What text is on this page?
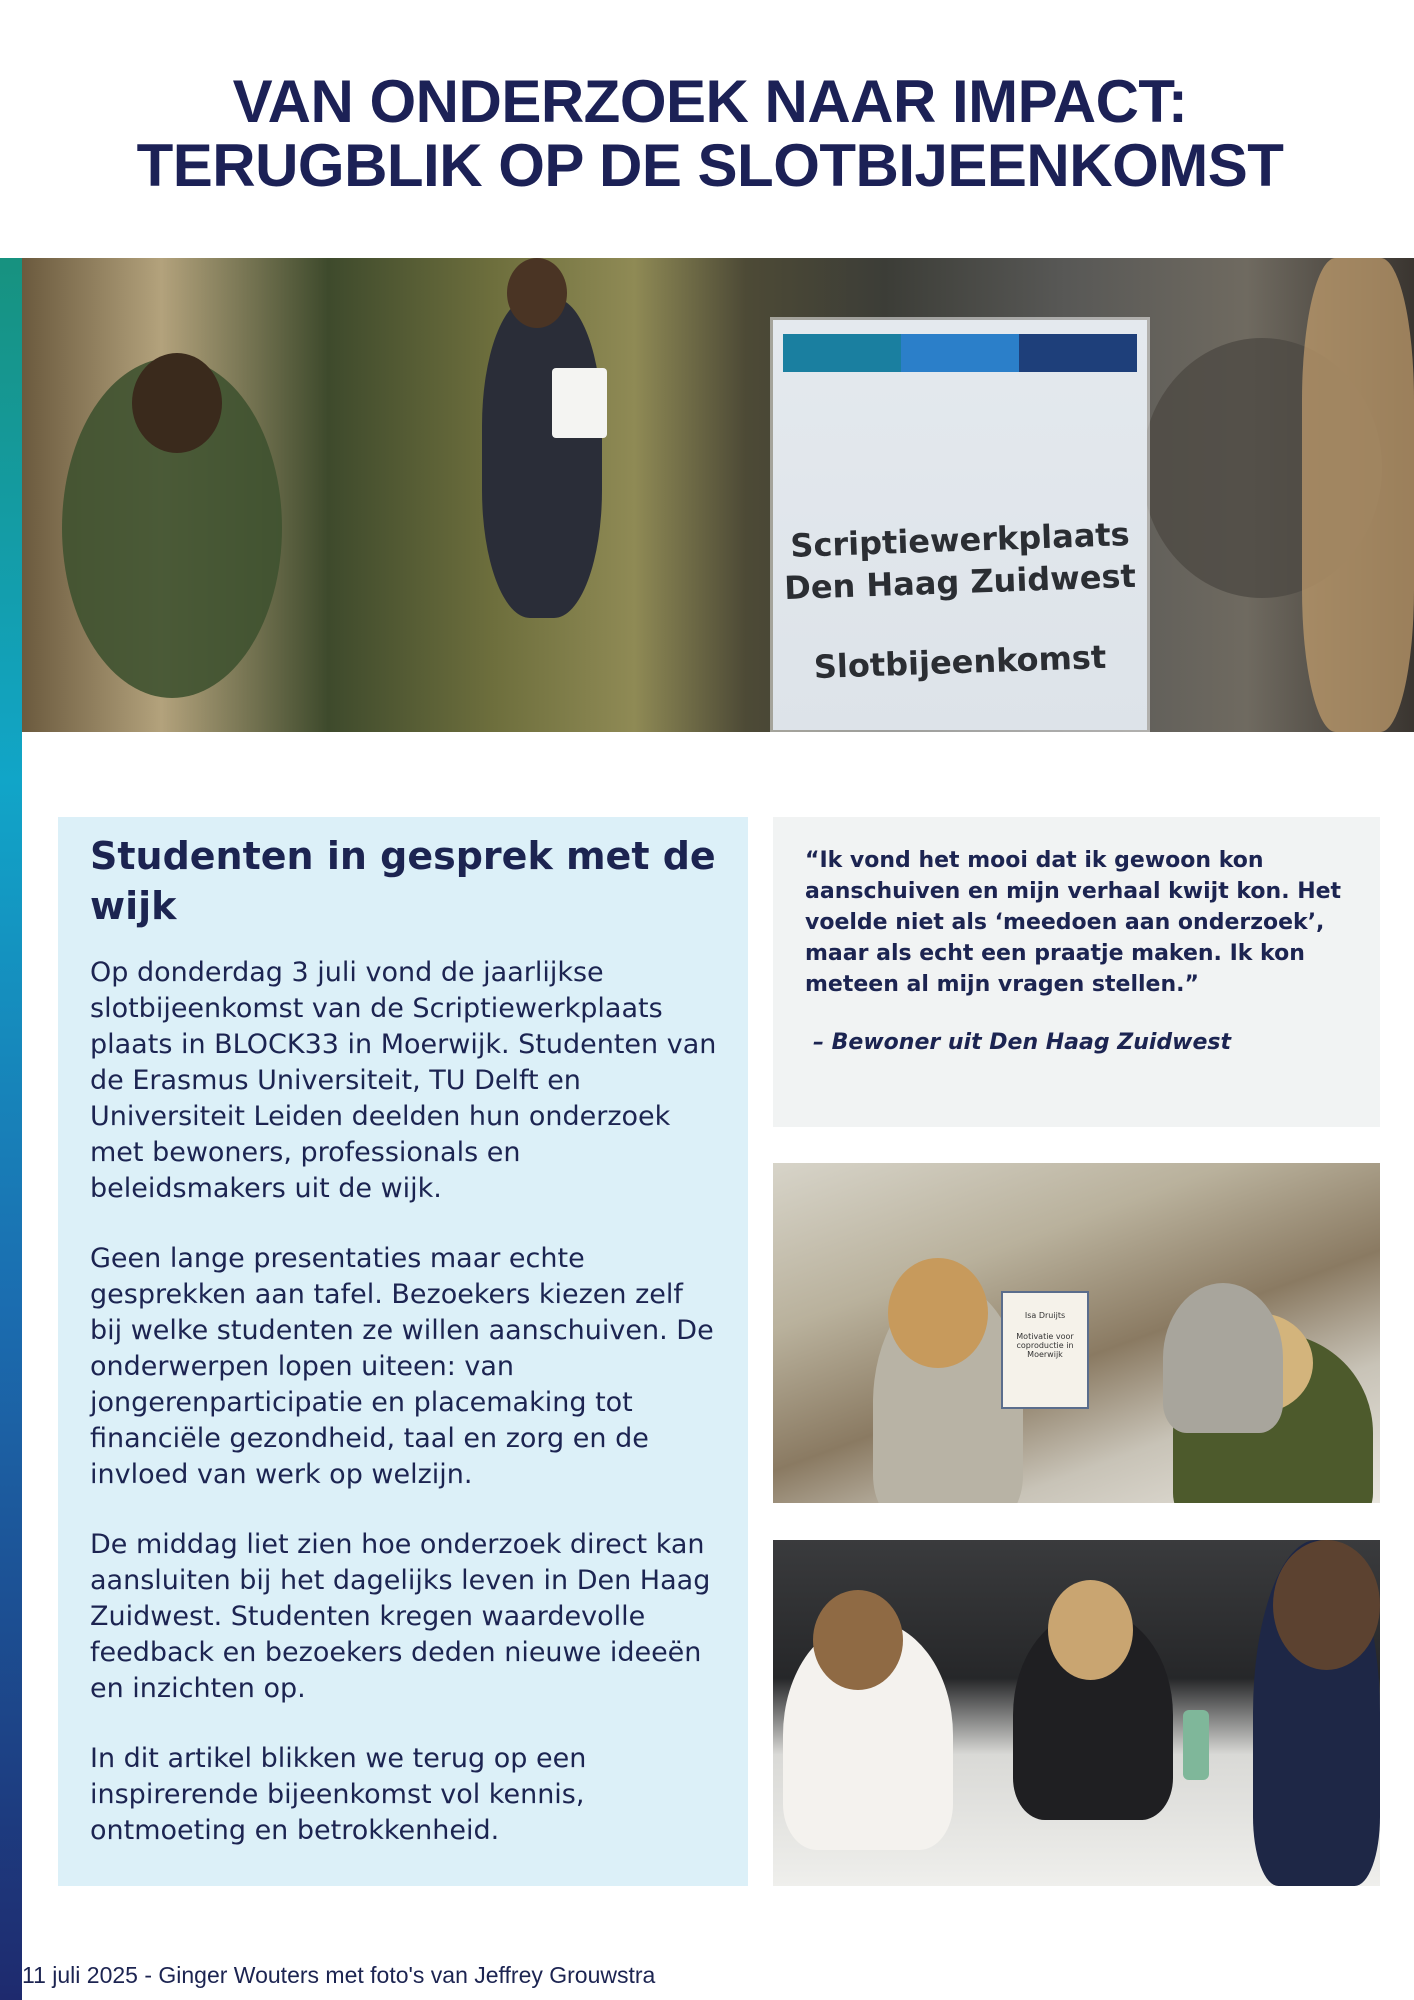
VAN ONDERZOEK NAAR IMPACT:
TERUGBLIK OP DE SLOTBIJEENKOMST
Scriptiewerkplaats
Den Haag Zuidwest
Slotbijeenkomst
Studenten in gesprek met de wijk

Op donderdag 3 juli vond de jaarlijkse slotbijeenkomst van de Scriptiewerkplaats plaats in BLOCK33 in Moerwijk. Studenten van de Erasmus Universiteit, TU Delft en Universiteit Leiden deelden hun onderzoek met bewoners, professionals en beleidsmakers uit de wijk.

Geen lange presentaties maar echte gesprekken aan tafel. Bezoekers kiezen zelf bij welke studenten ze willen aanschuiven. De onderwerpen lopen uiteen: van jongerenparticipatie en placemaking tot financiële gezondheid, taal en zorg en de invloed van werk op welzijn.

De middag liet zien hoe onderzoek direct kan aansluiten bij het dagelijks leven in Den Haag Zuidwest. Studenten kregen waardevolle feedback en bezoekers deden nieuwe ideeën en inzichten op.

In dit artikel blikken we terug op een inspirerende bijeenkomst vol kennis, ontmoeting en betrokkenheid.

“Ik vond het mooi dat ik gewoon kon aanschuiven en mijn verhaal kwijt kon. Het voelde niet als ‘meedoen aan onderzoek’, maar als echt een praatje maken. Ik kon meteen al mijn vragen stellen.”

– Bewoner uit Den Haag Zuidwest
Isa Druijts
Motivatie voor coproductie in Moerwijk
11 juli 2025 - Ginger Wouters met foto's van Jeffrey Grouwstra
